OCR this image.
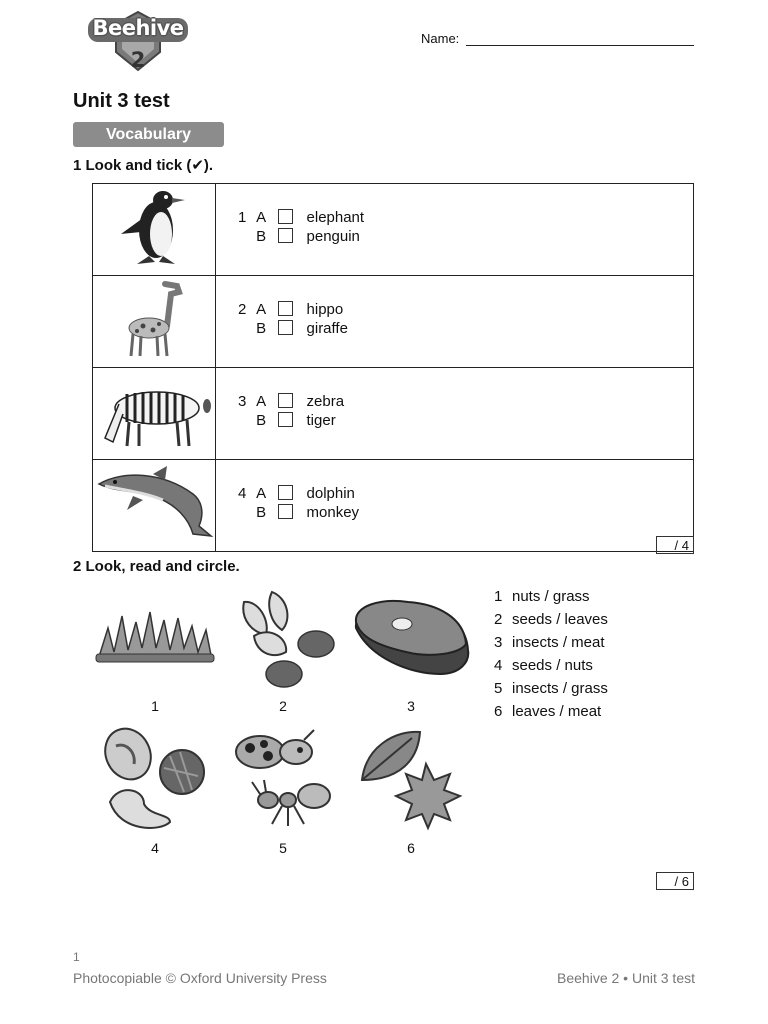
Beehive
2
Name:
Unit 3 test
Vocabulary
1 Look and tick (✔).

1 A elephant
B penguin

2 A hippo
B giraffe

3 A zebra
B tiger

4 A dolphin
B monkey
/ 4
2 Look, read and circle.
1	2	3
4	5	6
1 nuts / grass
2 seeds / leaves
3 insects / meat
4 seeds / nuts
5 insects / grass
6 leaves / meat
/ 6
1
Photocopiable © Oxford University Press	Beehive 2 • Unit 3 test
